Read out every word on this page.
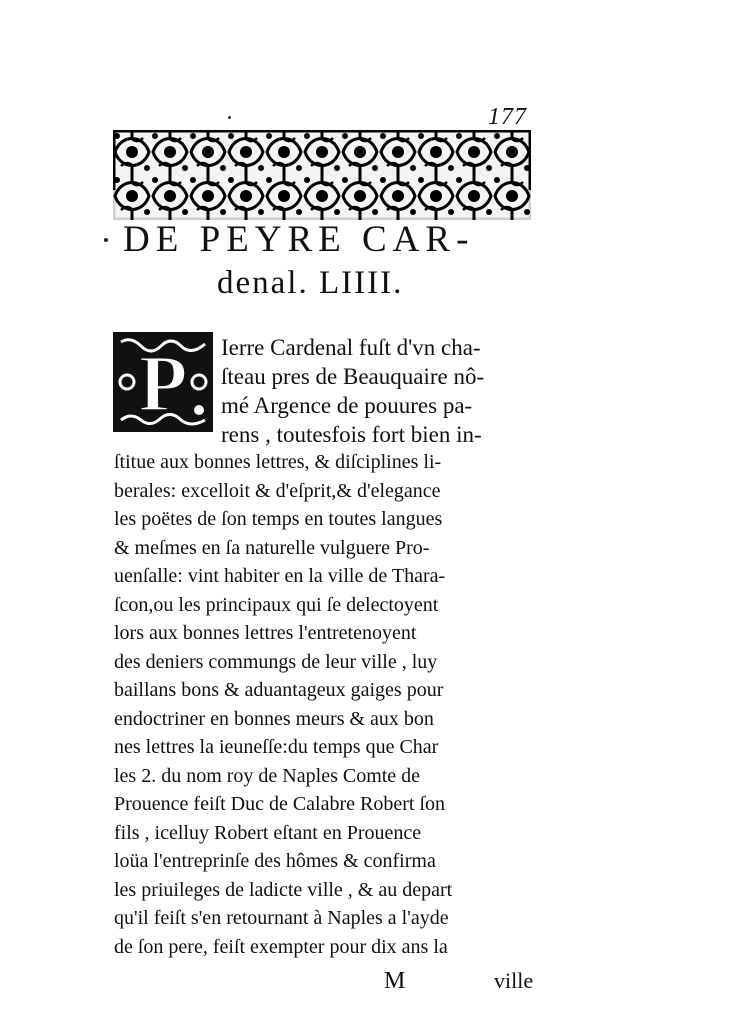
177
DE PEYRE CAR-
denal. LIIII.
P Ierre Cardenal fuſt d'vn cha-
ſteau pres de Beauquaire nô-
mé Argence de pouures pa-
rens , toutesfois fort bien in-
ſtitue aux bonnes lettres, & diſciplines li-
berales: excelloit & d'eſprit,& d'elegance
les poëtes de ſon temps en toutes langues
& meſmes en ſa naturelle vulguere Pro-
uenſalle: vint habiter en la ville de Thara-
ſcon,ou les principaux qui ſe delectoyent
lors aux bonnes lettres l'entretenoyent
des deniers commungs de leur ville , luy
baillans bons & aduantageux gaiges pour
endoctriner en bonnes meurs & aux bon
nes lettres la ieuneſſe:du temps que Char
les 2. du nom roy de Naples Comte de
Prouence feiſt Duc de Calabre Robert ſon
fils , icelluy Robert eſtant en Prouence
loüa l'entreprinſe des hômes & confirma
les priuileges de ladicte ville , & au depart
qu'il feiſt s'en retournant à Naples a l'ayde
de ſon pere, feiſt exempter pour dix ans la
M	ville
